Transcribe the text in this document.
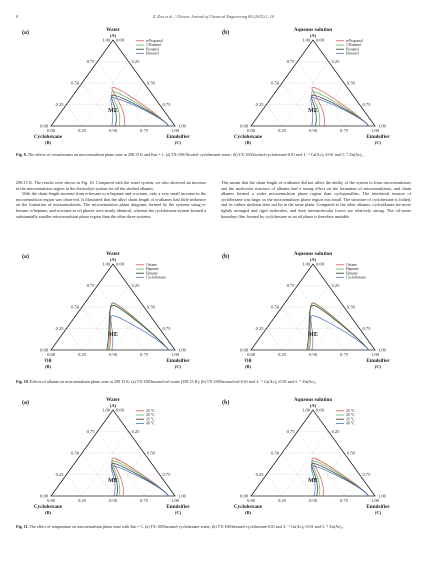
8	Z. Zou et al. / Chinese Journal of Chemical Engineering 80 (2025) 1–10
1.00 0.00
0.00
0.75	0.25
0.25
0.50	0.50
0.50
0.25	0.75
0.75
0.00	1.00
1.00
ME
Water
(A)
Cyclohexane
(B)
Emulsifier
(C)
(a)
n-Propanol
1-Butanol
Pentanol
Hexanol
1.00 0.00
0.00
0.75	0.25
0.25
0.50	0.50
0.50
0.25	0.75
0.75
0.00	1.00
1.00
ME
Aqueous solution
(A)
Cyclohexane
(B)
Emulsifier
(C)
(b)
n-Propanol
1-Butanol
Pentanol
Hexanol
Fig. 9. The effects of cosurfactants on microemulsion phase zone at 298.15 K and Km = 1. (a) TX-100/Alcohol-cyclohexane-water; (b) TX-100/alcohol-cyclohexane-0.01 mol·L⁻¹ Ca(Ac)₂+0.01 mol·L⁻¹ Zn(Ac)₂.

298.15 K. The results were shown in Fig. 10. Compared with the water system, we also observed an increase in the microemulsion region in the electrolyte system for all the studied alkanes.

With the chain length increase from n-hexane to n-heptane and n-octane, only a very small increase in the microemulsion region was observed. It illustrated that the alkyl chain length of n-alkanes had little influence on the formation of microemulsions. The microemulsion phase diagrams formed by the systems using n-hexane, n-heptane, and n-octane as oil phases were nearly identical, whereas the cyclohexane system formed a substantially smaller microemulsion phase region than the other three systems.

This meant that the chain length of n-alkanes did not affect the ability of the system to form microemulsions and the molecular structure of alkanes had a strong effect on the formation of microemulsions, and chain alkanes formed a wider microemulsion phase region than cycloparaffins. The interfacial tension of cyclohexane was large, so the microemulsion phase region was small. The structure of cyclohexane is folded, and its carbon skeleton does not lie in the same plane. Compared to the other alkanes, cycloalkanes are more tightly arranged and rigid molecules, and their intermolecular forces are relatively strong. The oil-water boundary film formed by cyclohexane as an oil phase is therefore unstable

1.00 0.00
0.00
0.75	0.25
0.25
0.50	0.50
0.50
0.25	0.75
0.75
0.00	1.00
1.00
ME
Water
(A)
Oil
(B)
Emulsifier
(C)
(a)
Octane
Heptane
Hexane
Cyclohexane
1.00 0.00
0.00
0.75	0.25
0.25
0.50	0.50
0.50
0.25	0.75
0.75
0.00	1.00
1.00
ME
Aqueous solution
(A)
Oil
(B)
Emulsifier
(C)
(b)
Octane
Heptane
Hexane
Cyclohexane
Fig. 10. Effects of alkanes on microemulsion phase zone at 298.15 K. (a) TX-100/hexanol-oil-water (298.15 K); (b) TX-100/hexanol-oil-0.01 mol·L⁻¹ Ca(Ac)₂+0.01 mol·L⁻¹ Zn(Ac)₂.
1.00 0.00
0.00
0.75	0.25
0.25
0.50	0.50
0.50
0.25	0.75
0.75
0.00	1.00
1.00
ME
Water
(A)
Cyclohexane
(B)
Emulsifier
(C)
(a)
25 °C
30 °C
35 °C
40 °C
1.00 0.00
0.00
0.75	0.25
0.25
0.50	0.50
0.50
0.25	0.75
0.75
0.00	1.00
1.00
ME
Aqueous solution
(A)
Cyclohexane
(B)
Emulsifier
(C)
(b)
25 °C
30 °C
35 °C
40 °C
Fig. 11. The effect of temperature on microemulsion phase zone with Km = 1. (a) TX-100/hexanol-cyclohexane-water; (b) TX-100/hexanol-cyclohexane-0.01 mol·L⁻¹ Ca(Ac)₂+0.01 mol·L⁻¹ Zn(Ac)₂.
